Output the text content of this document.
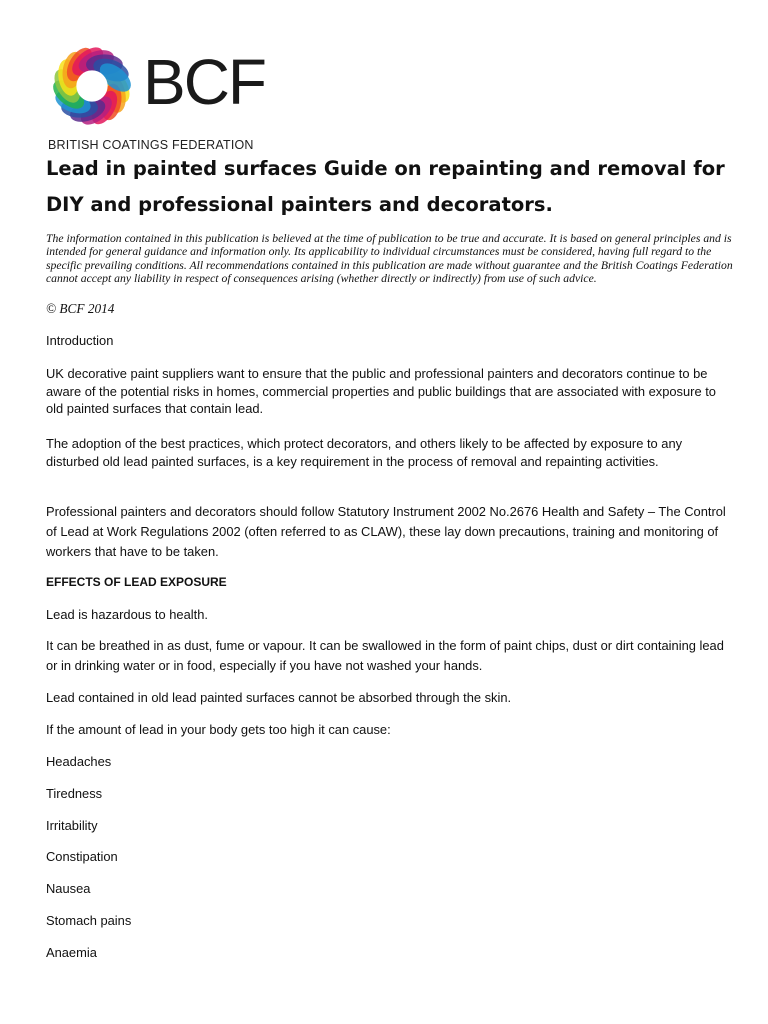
BCF
BRITISH COATINGS FEDERATION
Lead in painted surfaces Guide on repainting and removal for DIY and professional painters and decorators.
The information contained in this publication is believed at the time of publication to be true and accurate. It is based on general principles and is intended for general guidance and information only. Its applicability to individual circumstances must be considered, having full regard to the specific prevailing conditions. All recommendations contained in this publication are made without guarantee and the British Coatings Federation cannot accept any liability in respect of consequences arising (whether directly or indirectly) from use of such advice.
© BCF 2014

Introduction

UK decorative paint suppliers want to ensure that the public and professional painters and decorators continue to be aware of the potential risks in homes, commercial properties and public buildings that are associated with exposure to old painted surfaces that contain lead.

The adoption of the best practices, which protect decorators, and others likely to be affected by exposure to any disturbed old lead painted surfaces, is a key requirement in the process of removal and repainting activities.

Professional painters and decorators should follow Statutory Instrument 2002 No.2676 Health and Safety – The Control of Lead at Work Regulations 2002 (often referred to as CLAW), these lay down precautions, training and monitoring of workers that have to be taken.

EFFECTS OF LEAD EXPOSURE

Lead is hazardous to health.

It can be breathed in as dust, fume or vapour. It can be swallowed in the form of paint chips, dust or dirt containing lead or in drinking water or in food, especially if you have not washed your hands.

Lead contained in old lead painted surfaces cannot be absorbed through the skin.

If the amount of lead in your body gets too high it can cause:

Headaches

Tiredness

Irritability

Constipation

Nausea

Stomach pains

Anaemia
